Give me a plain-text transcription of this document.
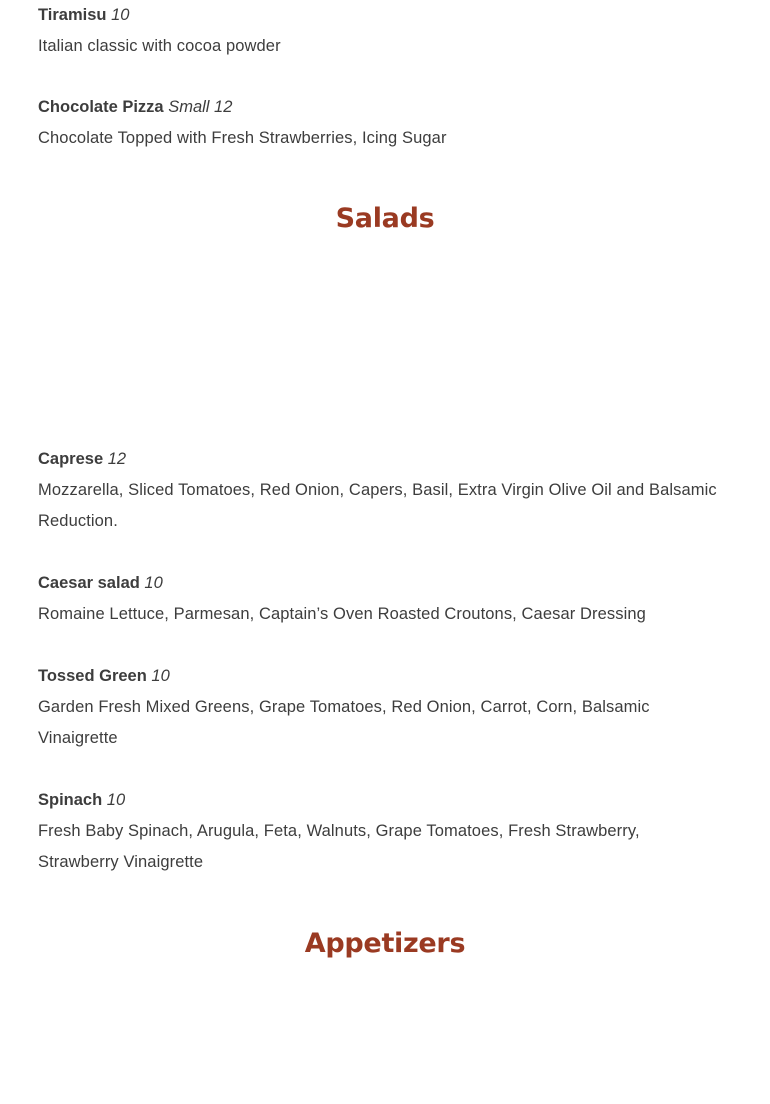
Tiramisu 10
Italian classic with cocoa powder
Chocolate Pizza Small 12
Chocolate Topped with Fresh Strawberries, Icing Sugar
Salads
Caprese 12
Mozzarella, Sliced Tomatoes, Red Onion, Capers, Basil, Extra Virgin Olive Oil and Balsamic Reduction.
Caesar salad 10
Romaine Lettuce, Parmesan, Captain’s Oven Roasted Croutons, Caesar Dressing
Tossed Green 10
Garden Fresh Mixed Greens, Grape Tomatoes, Red Onion, Carrot, Corn, Balsamic Vinaigrette
Spinach 10
Fresh Baby Spinach, Arugula, Feta, Walnuts, Grape Tomatoes, Fresh Strawberry, Strawberry Vinaigrette
Appetizers
